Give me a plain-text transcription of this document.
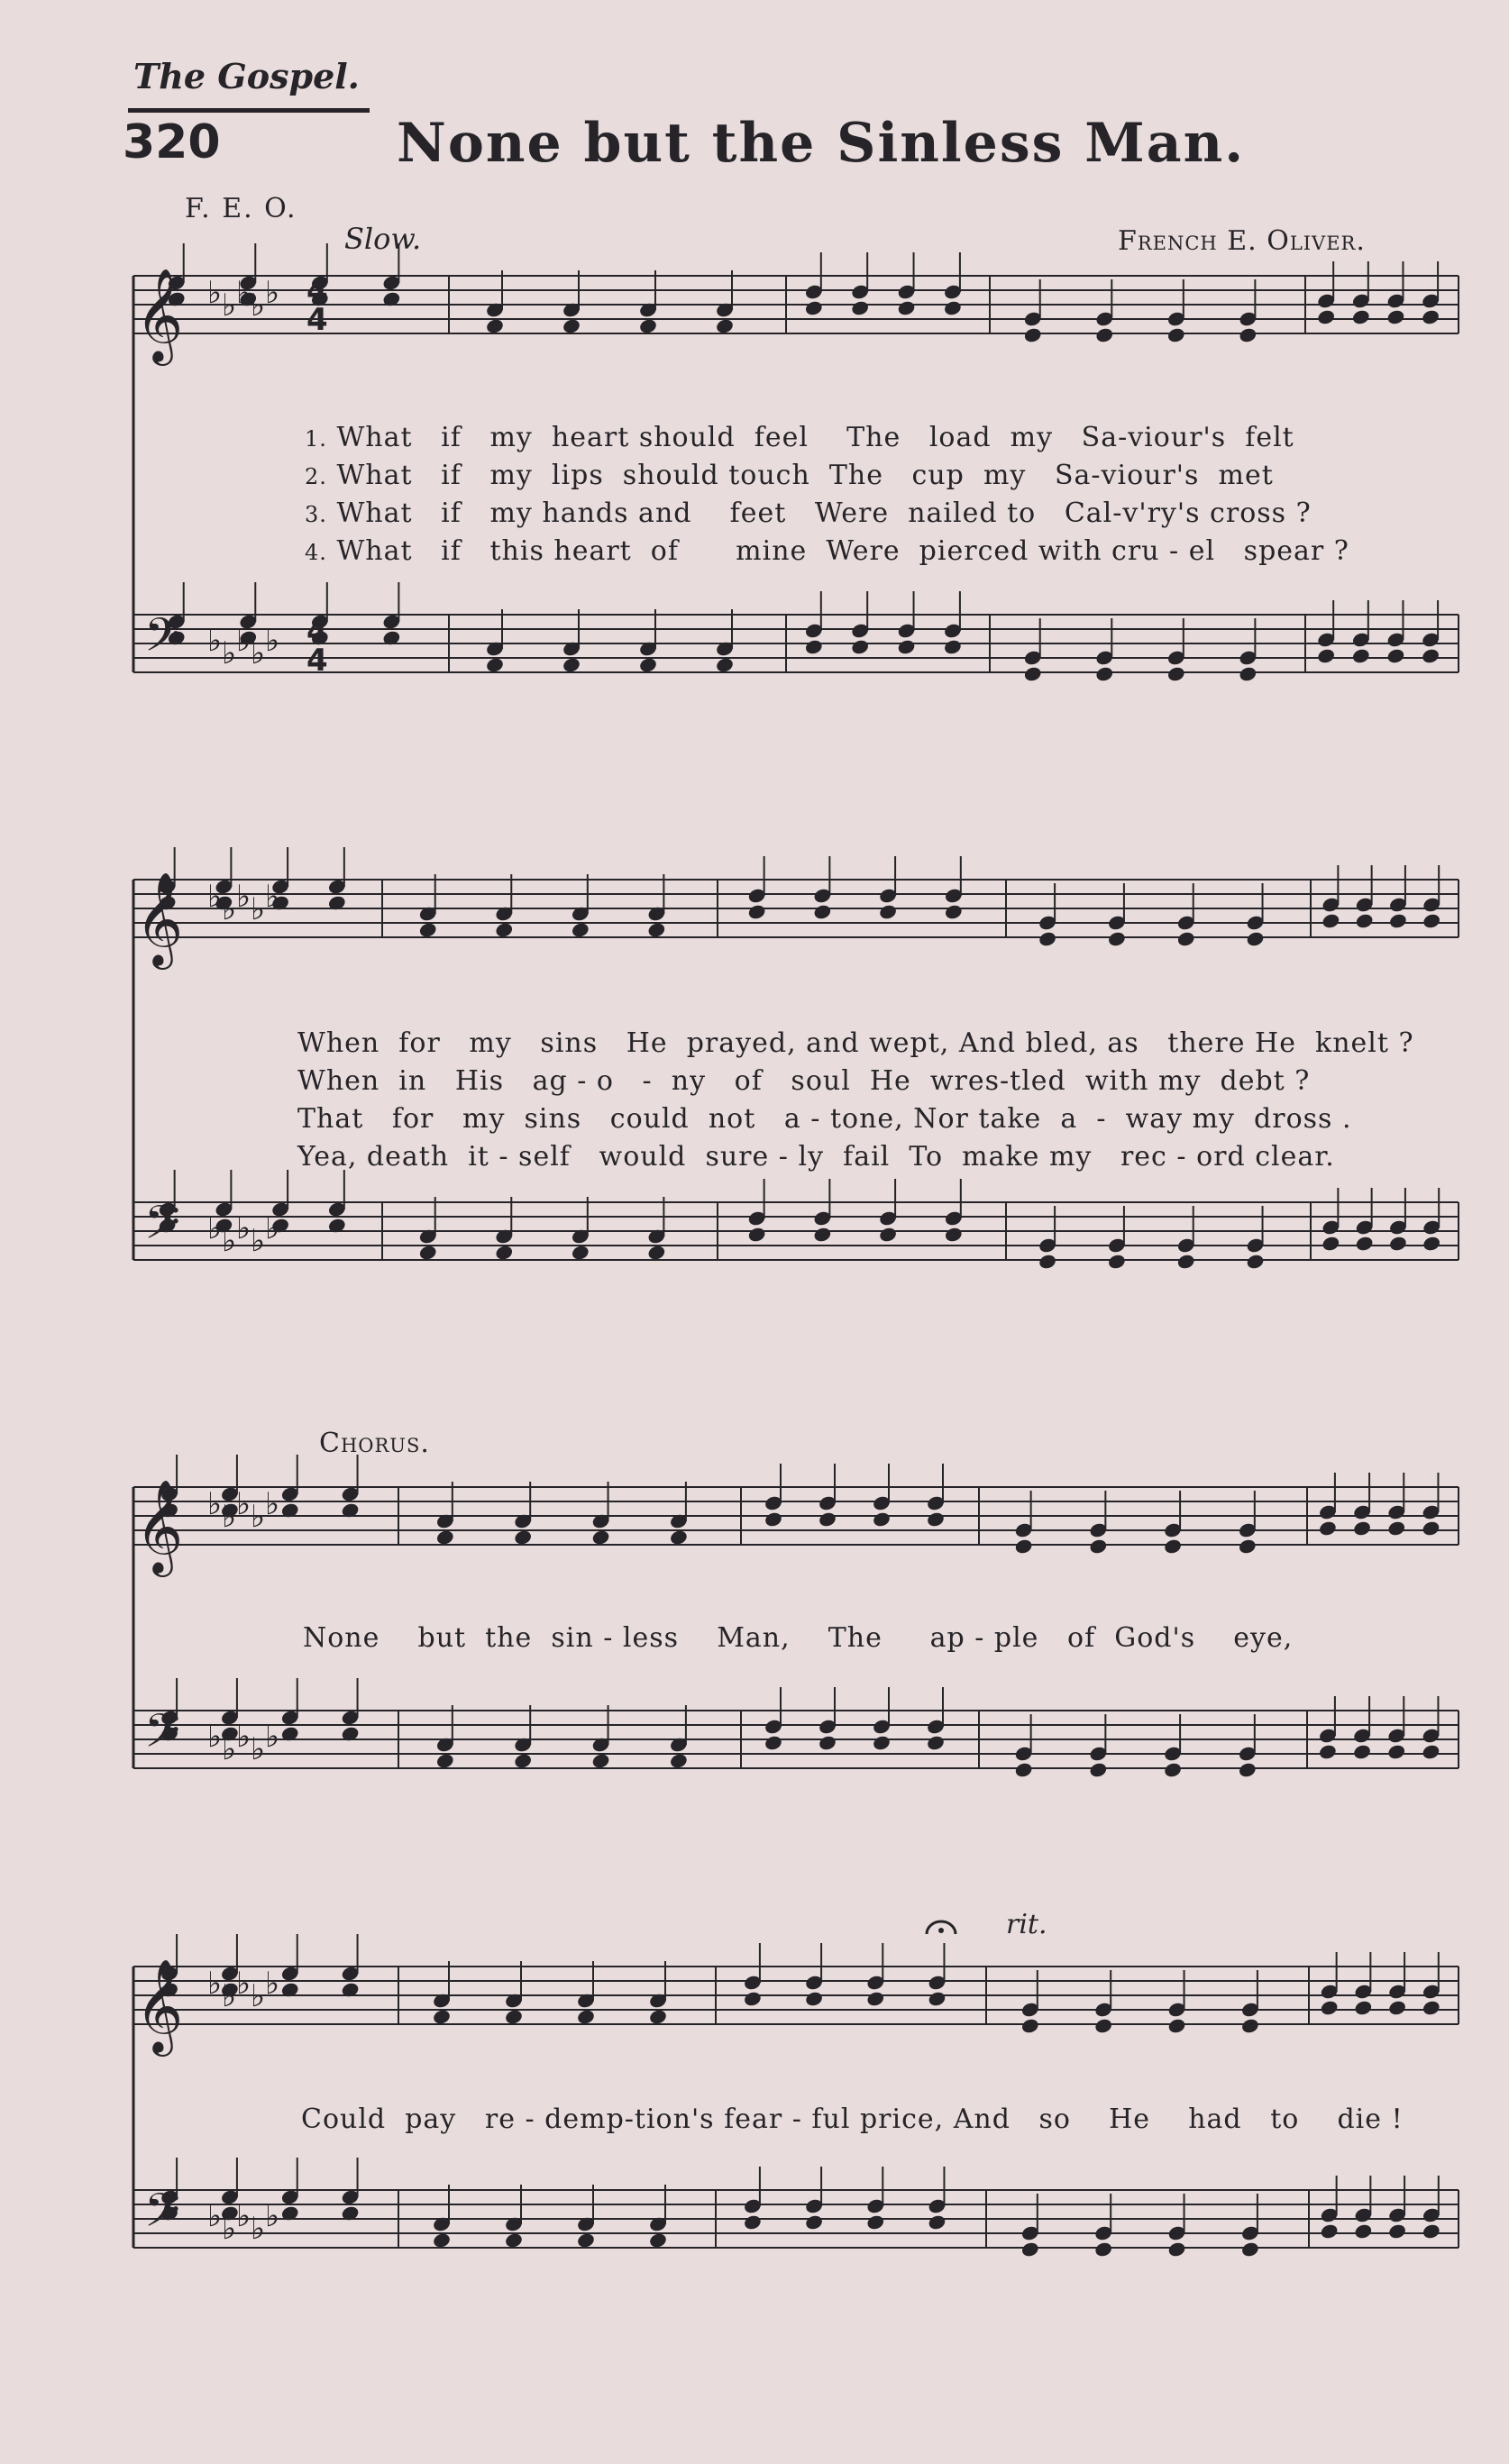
The Gospel.
320	None but the Sinless Man.
F. E. O.
Slow.	French E. Oliver.
Chorus.
rit.
𝄞 ♭ ♭ ♭ ♭ ♭
𝄢 ♭ ♭ ♭ ♭ ♭
𝄞 ♭ ♭ ♭ ♭ ♭
𝄢 ♭ ♭ ♭ ♭ ♭
𝄞 ♭ ♭ ♭ ♭ ♭
𝄢 ♭ ♭ ♭ ♭ ♭
𝄞 ♭ ♭ ♭ ♭ ♭
𝄢 ♭ ♭ ♭ ♭ ♭
4
4
4
4
1. What   if   my  heart should  feel    The   load  my   Sa-viour's  felt
2. What   if   my  lips  should touch  The   cup  my   Sa-viour's  met
3. What   if   my hands and    feet   Were  nailed to   Cal-v'ry's cross ?
4. What   if   this heart  of      mine  Were  pierced with cru - el   spear ?
When  for   my   sins   He  prayed, and wept, And bled, as   there He  knelt ?
When  in   His   ag - o   -  ny   of   soul  He  wres-tled  with my  debt ?
That   for   my  sins   could  not   a - tone, Nor take  a  -  way my  dross .
Yea, death  it - self   would  sure - ly  fail  To  make my   rec - ord clear.
None    but  the  sin - less    Man,    The     ap - ple   of  God's    eye,
Could  pay   re - demp-tion's fear - ful price, And   so    He    had   to    die !
